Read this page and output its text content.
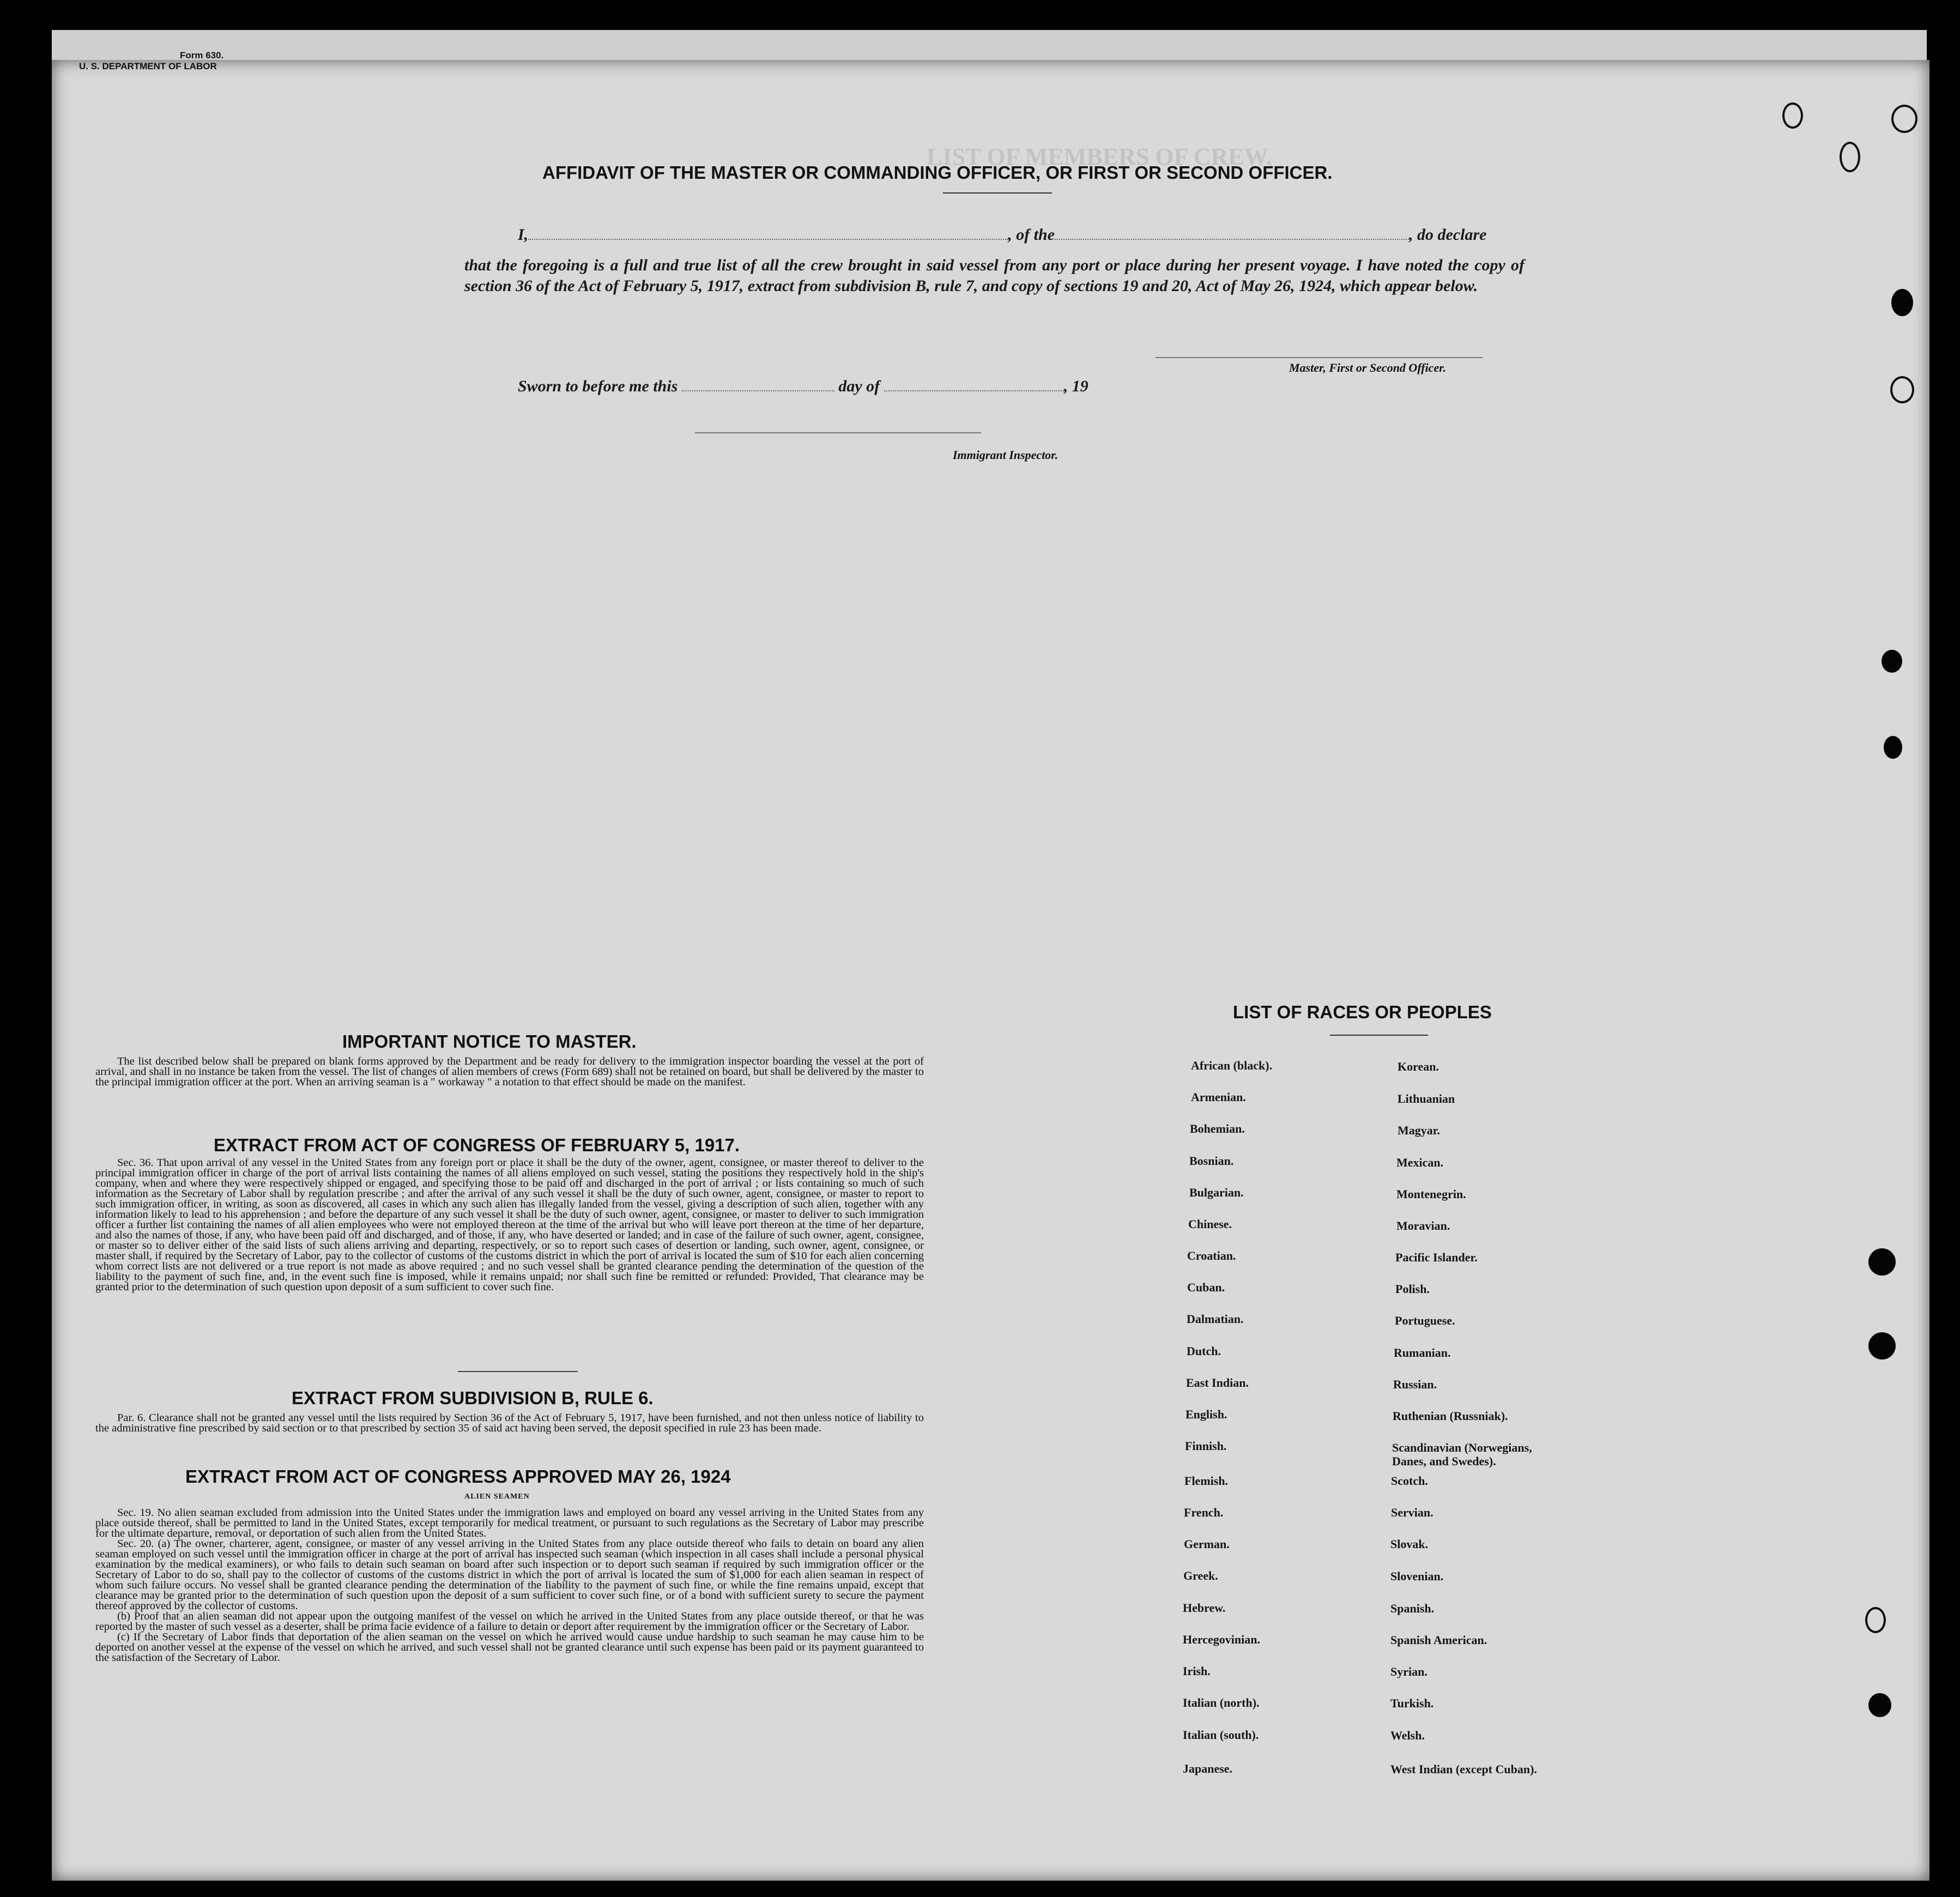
LIST OF MEMBERS OF CREW.
Form 630.
U. S. DEPARTMENT OF LABOR
AFFIDAVIT OF THE MASTER OR COMMANDING OFFICER, OR FIRST OR SECOND OFFICER.
I,	, of the	, do declare
that the foregoing is a full and true list of all the crew brought in said vessel from any port or place during her present voyage. I have noted the copy of section 36 of the Act of February 5, 1917, extract from subdivision B, rule 7, and copy of sections 19 and 20, Act of May 26, 1924, which appear below.
Master, First or Second Officer.
Sworn to before me this	day of	, 19
Immigrant Inspector.
IMPORTANT NOTICE TO MASTER.

The list described below shall be prepared on blank forms approved by the Department and be ready for delivery to the immigration inspector boarding the vessel at the port of arrival, and shall in no instance be taken from the vessel. The list of changes of alien members of crews (Form 689) shall not be retained on board, but shall be delivered by the master to the principal immigration officer at the port. When an arriving seaman is a " workaway " a notation to that effect should be made on the manifest.

EXTRACT FROM ACT OF CONGRESS OF FEBRUARY 5, 1917.

Sec. 36. That upon arrival of any vessel in the United States from any foreign port or place it shall be the duty of the owner, agent, consignee, or master thereof to deliver to the principal immigration officer in charge of the port of arrival lists containing the names of all aliens employed on such vessel, stating the positions they respectively hold in the ship's company, when and where they were respectively shipped or engaged, and specifying those to be paid off and discharged in the port of arrival ; or lists containing so much of such information as the Secretary of Labor shall by regulation prescribe ; and after the arrival of any such vessel it shall be the duty of such owner, agent, consignee, or master to report to such immigration officer, in writing, as soon as discovered, all cases in which any such alien has illegally landed from the vessel, giving a description of such alien, together with any information likely to lead to his apprehension ; and before the departure of any such vessel it shall be the duty of such owner, agent, consignee, or master to deliver to such immigration officer a further list containing the names of all alien employees who were not employed thereon at the time of the arrival but who will leave port thereon at the time of her departure, and also the names of those, if any, who have been paid off and discharged, and of those, if any, who have deserted or landed; and in case of the failure of such owner, agent, consignee, or master so to deliver either of the said lists of such aliens arriving and departing, respectively, or so to report such cases of desertion or landing, such owner, agent, consignee, or master shall, if required by the Secretary of Labor, pay to the collector of customs of the customs district in which the port of arrival is located the sum of $10 for each alien concerning whom correct lists are not delivered or a true report is not made as above required ; and no such vessel shall be granted clearance pending the determination of the question of the liability to the payment of such fine, and, in the event such fine is imposed, while it remains unpaid; nor shall such fine be remitted or refunded: Provided, That clearance may be granted prior to the determination of such question upon deposit of a sum sufficient to cover such fine.

EXTRACT FROM SUBDIVISION B, RULE 6.

Par. 6. Clearance shall not be granted any vessel until the lists required by Section 36 of the Act of February 5, 1917, have been furnished, and not then unless notice of liability to the administrative fine prescribed by said section or to that prescribed by section 35 of said act having been served, the deposit specified in rule 23 has been made.

EXTRACT FROM ACT OF CONGRESS APPROVED MAY 26, 1924
ALIEN SEAMEN

Sec. 19. No alien seaman excluded from admission into the United States under the immigration laws and employed on board any vessel arriving in the United States from any place outside thereof, shall be permitted to land in the United States, except temporarily for medical treatment, or pursuant to such regulations as the Secretary of Labor may prescribe for the ultimate departure, removal, or deportation of such alien from the United States.

Sec. 20. (a) The owner, charterer, agent, consignee, or master of any vessel arriving in the United States from any place outside thereof who fails to detain on board any alien seaman employed on such vessel until the immigration officer in charge at the port of arrival has inspected such seaman (which inspection in all cases shall include a personal physical examination by the medical examiners), or who fails to detain such seaman on board after such inspection or to deport such seaman if required by such immigration officer or the Secretary of Labor to do so, shall pay to the collector of customs of the customs district in which the port of arrival is located the sum of $1,000 for each alien seaman in respect of whom such failure occurs. No vessel shall be granted clearance pending the determination of the liability to the payment of such fine, or while the fine remains unpaid, except that clearance may be granted prior to the determination of such question upon the deposit of a sum sufficient to cover such fine, or of a bond with sufficient surety to secure the payment thereof approved by the collector of customs.

(b) Proof that an alien seaman did not appear upon the outgoing manifest of the vessel on which he arrived in the United States from any place outside thereof, or that he was reported by the master of such vessel as a deserter, shall be prima facie evidence of a failure to detain or deport after requirement by the immigration officer or the Secretary of Labor.

(c) If the Secretary of Labor finds that deportation of the alien seaman on the vessel on which he arrived would cause undue hardship to such seaman he may cause him to be deported on another vessel at the expense of the vessel on which he arrived, and such vessel shall not be granted clearance until such expense has been paid or its payment guaranteed to the satisfaction of the Secretary of Labor.

LIST OF RACES OR PEOPLES
African (black).
Armenian.
Bohemian.
Bosnian.
Bulgarian.
Chinese.
Croatian.
Cuban.
Dalmatian.
Dutch.
East Indian.
English.
Finnish.
Flemish.
French.
German.
Greek.
Hebrew.
Hercegovinian.
Irish.
Italian (north).
Italian (south).
Japanese.
Korean.
Lithuanian
Magyar.
Mexican.
Montenegrin.
Moravian.
Pacific Islander.
Polish.
Portuguese.
Rumanian.
Russian.
Ruthenian (Russniak).
Scandinavian (Norwegians, Danes, and Swedes).
Scotch.
Servian.
Slovak.
Slovenian.
Spanish.
Spanish American.
Syrian.
Turkish.
Welsh.
West Indian (except Cuban).
